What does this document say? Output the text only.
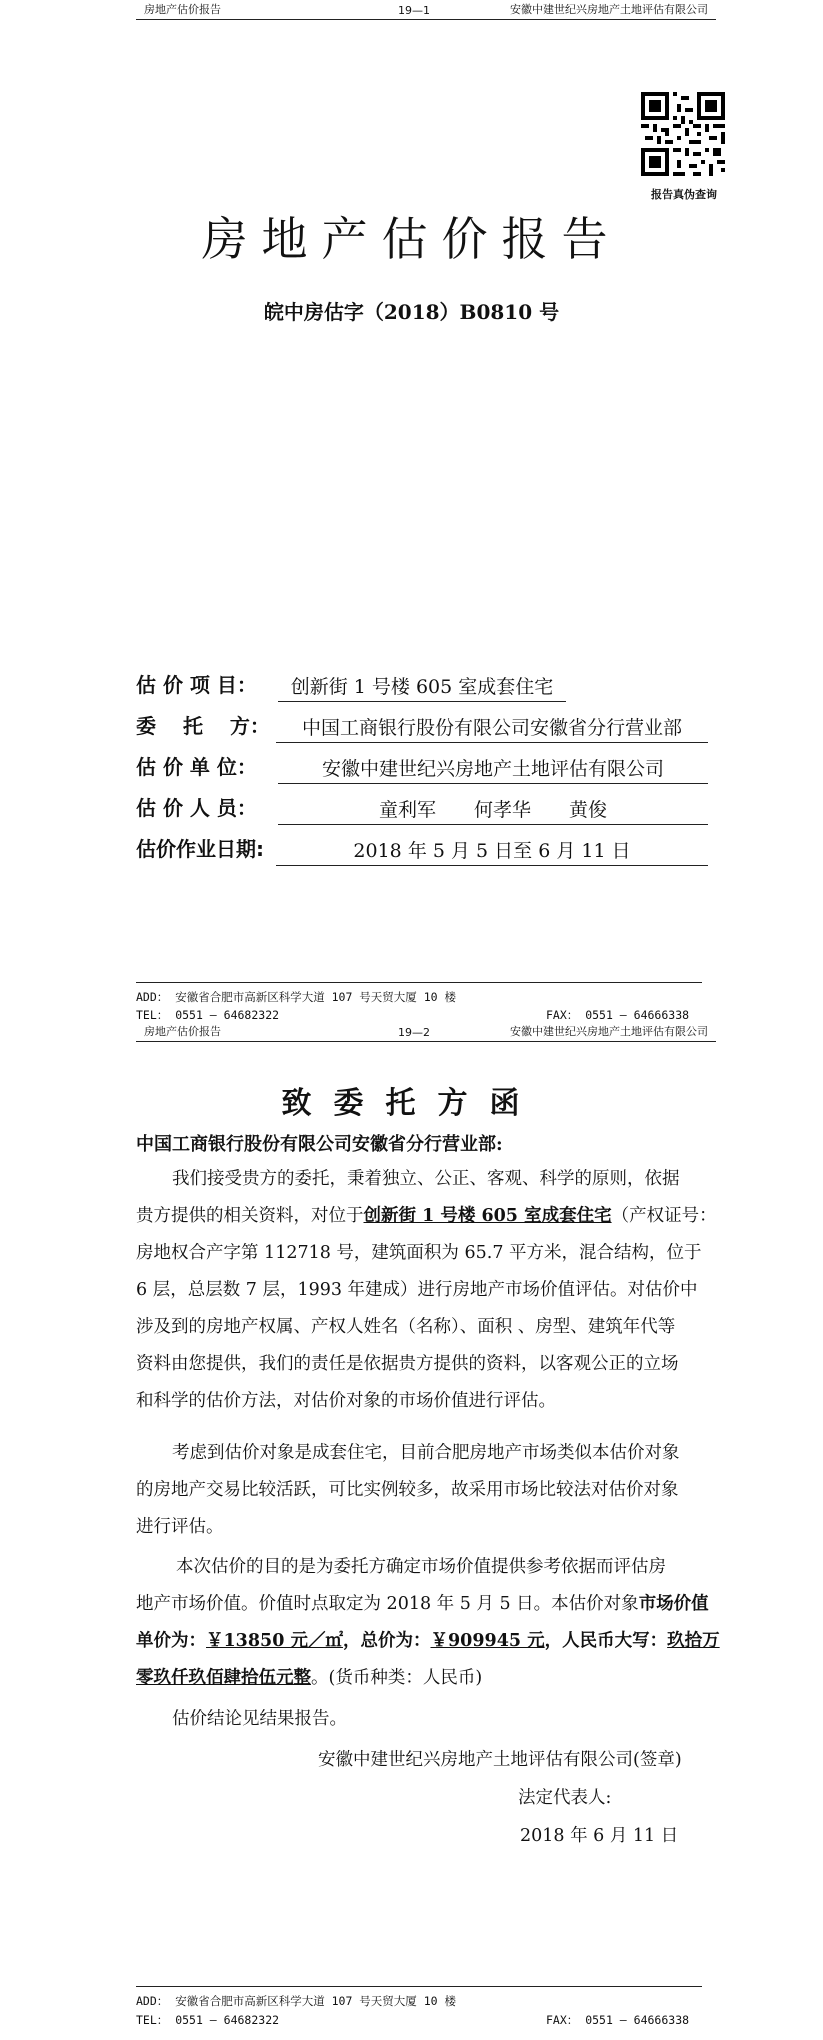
房地产估价报告	19—1	安徽中建世纪兴房地产土地评估有限公司
报告真伪查询
房地产估价报告
皖中房估字（2018）B0810 号
估 价 项 目：	创新街 1 号楼 605 室成套住宅
委　 托　 方：	中国工商银行股份有限公司安徽省分行营业部
估 价 单 位：	安徽中建世纪兴房地产土地评估有限公司
估 价 人 员：	童利军　　何孝华　　黄俊
估价作业日期:	2018 年 5 月 5 日至 6 月 11 日
ADD： 安徽省合肥市高新区科学大道 107 号天贸大厦 10 楼
TEL： 0551 — 64682322	FAX： 0551 — 64666338
房地产估价报告	19—2	安徽中建世纪兴房地产土地评估有限公司
致委托方函
中国工商银行股份有限公司安徽省分行营业部:
我们接受贵方的委托，秉着独立、公正、客观、科学的原则，依据
贵方提供的相关资料，对位于创新街 1 号楼 605 室成套住宅（产权证号：
房地权合产字第 112718 号，建筑面积为 65.7 平方米，混合结构，位于
6 层，总层数 7 层，1993 年建成）进行房地产市场价值评估。对估价中
涉及到的房地产权属、产权人姓名（名称）、面积 、房型、建筑年代等
资料由您提供，我们的责任是依据贵方提供的资料，以客观公正的立场
和科学的估价方法，对估价对象的市场价值进行评估。
考虑到估价对象是成套住宅，目前合肥房地产市场类似本估价对象
的房地产交易比较活跃，可比实例较多，故采用市场比较法对估价对象
进行评估。
本次估价的目的是为委托方确定市场价值提供参考依据而评估房
地产市场价值。价值时点取定为 2018 年 5 月 5 日。本估价对象市场价值
单价为：￥13850 元／㎡，总价为：￥909945 元，人民币大写：玖拾万
零玖仟玖佰肆拾伍元整。(货币种类：人民币)
估价结论见结果报告。
安徽中建世纪兴房地产土地评估有限公司(签章)
法定代表人:
2018 年 6 月 11 日
ADD： 安徽省合肥市高新区科学大道 107 号天贸大厦 10 楼
TEL： 0551 — 64682322	FAX： 0551 — 64666338
